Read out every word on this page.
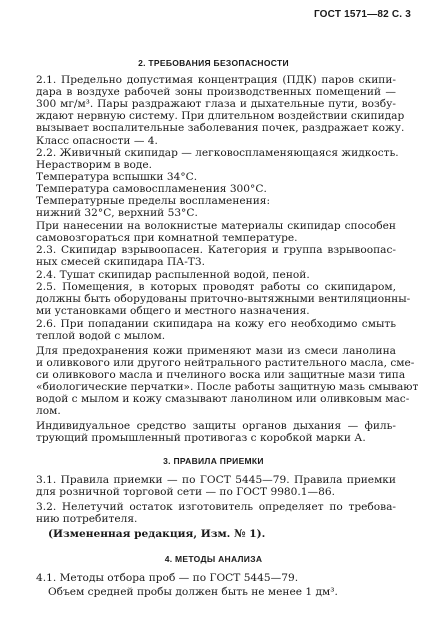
ГОСТ 1571—82 С. 3
2. ТРЕБОВАНИЯ БЕЗОПАСНОСТИ
2.1. Предельно допустимая концентрация (ПДК) паров скипи-
дара в воздухе рабочей зоны производственных помещений —
300 мг/м³. Пары раздражают глаза и дыхательные пути, возбу-
ждают нервную систему. При длительном воздействии скипидар
вызывает воспалительные заболевания почек, раздражает кожу.
Класс опасности — 4.
2.2. Живичный скипидар — легковоспламеняющаяся жидкость.
Нерастворим в воде.
Температура вспышки 34°С.
Температура самовоспламенения 300°С.
Температурные пределы воспламенения:
нижний 32°С, верхний 53°С.
При нанесении на волокнистые материалы скипидар способен
самовозгораться при комнатной температуре.
2.3. Скипидар взрывоопасен. Категория и группа взрывоопас-
ных смесей скипидара ПА-Т3.
2.4. Тушат скипидар распыленной водой, пеной.
2.5. Помещения, в которых проводят работы со скипидаром,
должны быть оборудованы приточно-вытяжными вентиляционны-
ми установками общего и местного назначения.
2.6. При попадании скипидара на кожу его необходимо смыть
теплой водой с мылом.
Для предохранения кожи применяют мази из смеси ланолина
и оливкового или другого нейтрального растительного масла, сме-
си оливкового масла и пчелиного воска или защитные мази типа
«биологические перчатки». После работы защитную мазь смывают
водой с мылом и кожу смазывают ланолином или оливковым мас-
лом.
Индивидуальное средство защиты органов дыхания — филь-
трующий промышленный противогаз с коробкой марки А.
3. ПРАВИЛА ПРИЕМКИ
3.1. Правила приемки — по ГОСТ 5445—79. Правила приемки
для розничной торговой сети — по ГОСТ 9980.1—86.
3.2. Нелетучий остаток изготовитель определяет по требова-
нию потребителя.
(Измененная редакция, Изм. № 1).
4. МЕТОДЫ АНАЛИЗА
4.1. Методы отбора проб — по ГОСТ 5445—79.
Объем средней пробы должен быть не менее 1 дм³.
